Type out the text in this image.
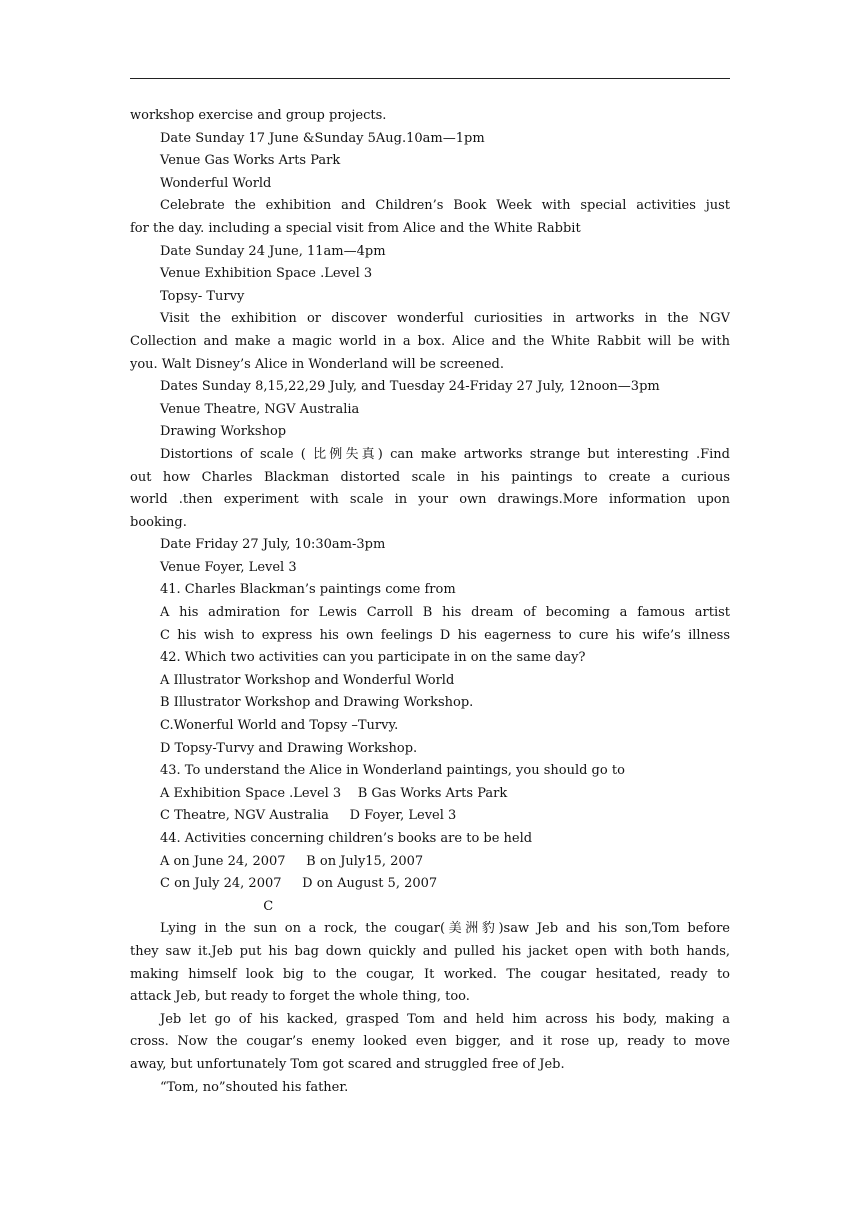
workshop exercise and group projects.
Date Sunday 17 June &Sunday 5Aug.10am—1pm
Venue Gas Works Arts Park
Wonderful World
Celebrate the exhibition and Children’s Book Week with special activities just
for the day. including a special visit from Alice and the White Rabbit
Date Sunday 24 June, 11am—4pm
Venue Exhibition Space .Level 3
Topsy- Turvy
Visit the exhibition or discover wonderful curiosities in artworks in the NGV
Collection and make a magic world in a box. Alice and the White Rabbit will be with
you. Walt Disney’s Alice in Wonderland will be screened.
Dates Sunday 8,15,22,29 July, and Tuesday 24-Friday 27 July, 12noon—3pm
Venue Theatre, NGV Australia
Drawing Workshop
Distortions of scale ( 比例失真) can make artworks strange but interesting .Find
out how Charles Blackman distorted scale in his paintings to create a curious
world .then experiment with scale in your own drawings.More information upon
booking.
Date Friday 27 July, 10:30am-3pm
Venue Foyer, Level 3
41. Charles Blackman’s paintings come from
A his admiration for Lewis Carroll B his dream of becoming a famous artist
C his wish to express his own feelings D his eagerness to cure his wife’s illness
42. Which two activities can you participate in on the same day?
A Illustrator Workshop and Wonderful World
B Illustrator Workshop and Drawing Workshop.
C.Wonerful World and Topsy –Turvy.
D Topsy-Turvy and Drawing Workshop.
43. To understand the Alice in Wonderland paintings, you should go to
A Exhibition Space .Level 3    B Gas Works Arts Park
C Theatre, NGV Australia     D Foyer, Level 3
44. Activities concerning children’s books are to be held
A on June 24, 2007     B on July15, 2007
C on July 24, 2007     D on August 5, 2007
C
Lying in the sun on a rock, the cougar(美洲豹)saw Jeb and his son,Tom before
they saw it.Jeb put his bag down quickly and pulled his jacket open with both hands,
making himself look big to the cougar, It worked. The cougar hesitated, ready to
attack Jeb, but ready to forget the whole thing, too.
Jeb let go of his kacked, grasped Tom and held him across his body, making a
cross. Now the cougar’s enemy looked even bigger, and it rose up, ready to move
away, but unfortunately Tom got scared and struggled free of Jeb.
“Tom, no”shouted his father.
